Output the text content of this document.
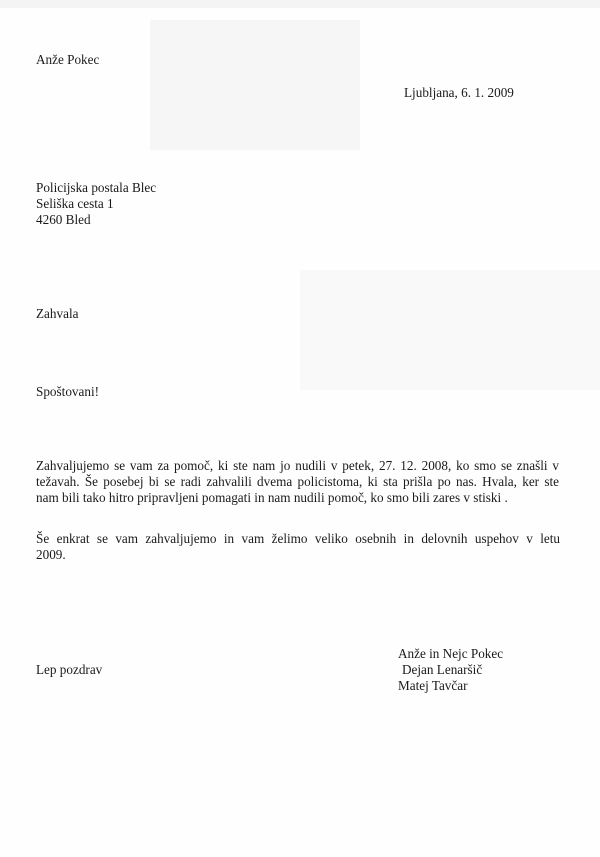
Anže Pokec
Ljubljana, 6. 1. 2009
Policijska postala Blec
Seliška cesta 1
4260 Bled
Zahvala
Spoštovani!
Zahvaljujemo se vam za pomoč, ki ste nam jo nudili v petek, 27. 12. 2008, ko smo se znašli v
težavah. Še posebej bi se radi zahvalili dvema policistoma, ki sta prišla po nas. Hvala, ker ste
nam bili tako hitro pripravljeni pomagati in nam nudili pomoč, ko smo bili zares v stiski .
Še enkrat se vam zahvaljujemo in vam želimo veliko osebnih in delovnih uspehov v letu
2009.
Lep pozdrav
Anže in Nejc Pokec
Dejan Lenaršič
Matej Tavčar
